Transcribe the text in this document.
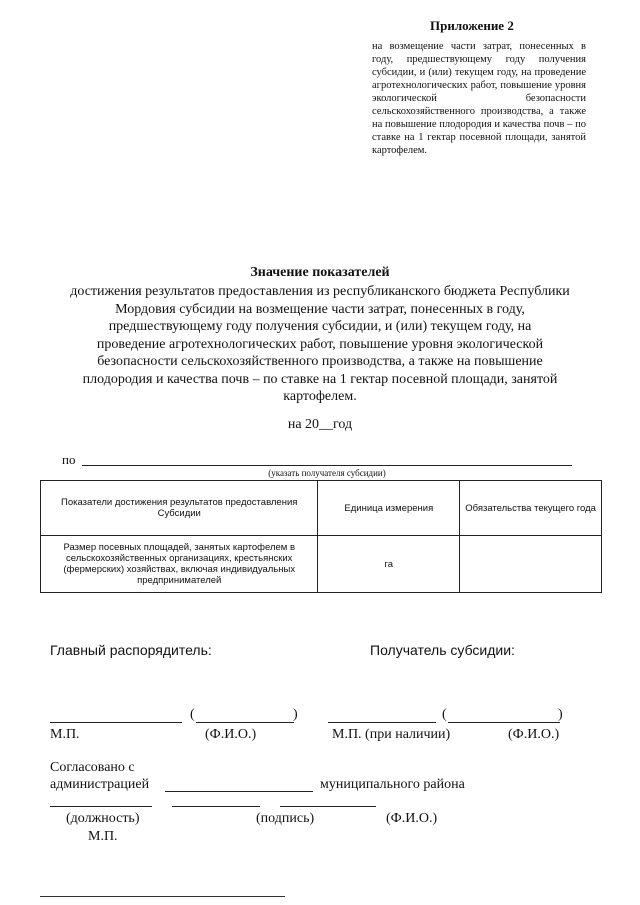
Приложение 2
на возмещение части затрат, понесенных в году, предшествующему году получения субсидии, и (или) текущем году, на проведение агротехнологических работ, повышение уровня экологической безопасности сельскохозяйственного производства, а также на повышение плодородия и качества почв – по ставке на 1 гектар посевной площади, занятой картофелем.
Значение показателей
достижения результатов предоставления из республиканского бюджета Республики
Мордовия субсидии на возмещение части затрат, понесенных в году,
предшествующему году получения субсидии, и (или) текущем году, на
проведение агротехнологических работ, повышение уровня экологической
безопасности сельскохозяйственного производства, а также на повышение
плодородия и качества почв – по ставке на 1 гектар посевной площади, занятой
картофелем.
на 20__год
по
(указать получателя субсидии)
Показатели достижения результатов предоставления Субсидии	Единица измерения	Обязательства текущего года
Размер посевных площадей, занятых картофелем в сельскохозяйственных организациях, крестьянских (фермерских) хозяйствах, включая индивидуальных предпринимателей	га	
Главный распорядитель:	Получатель субсидии:
(	)
М.П.	(Ф.И.О.)
(	)
М.П. (при наличии)	(Ф.И.О.)
Согласовано с
администрацией	муниципального района
(должность)	(подпись)	(Ф.И.О.)
М.П.
